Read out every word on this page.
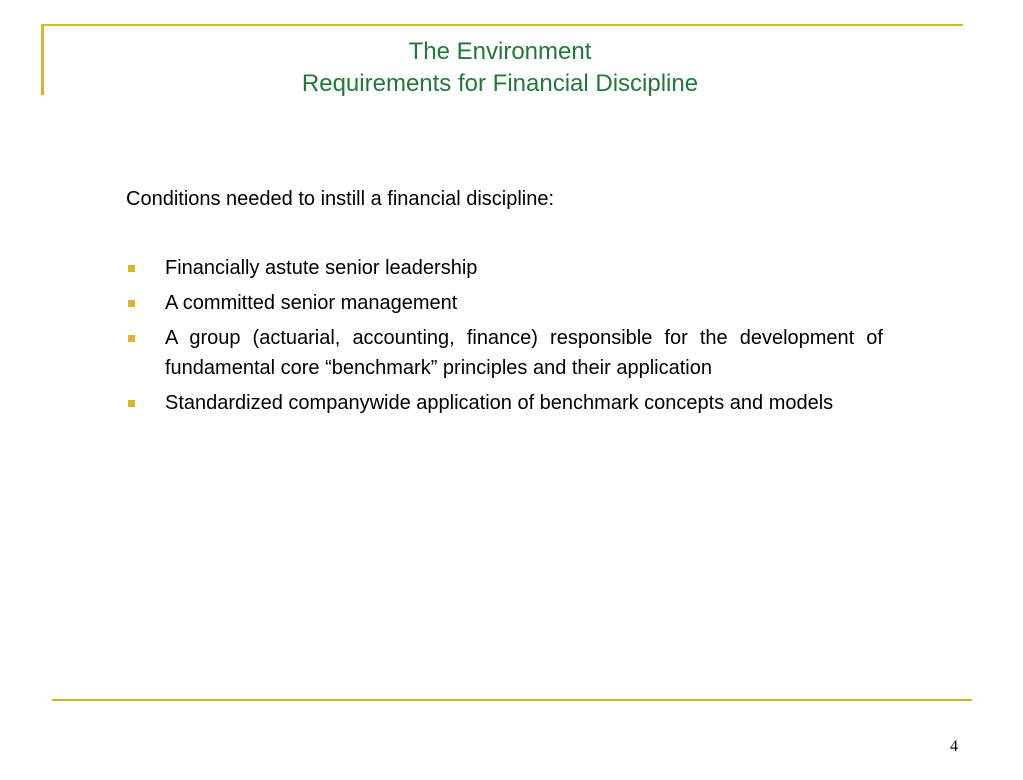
The Environment
Requirements for Financial Discipline

Conditions needed to instill a financial discipline:

Financially astute senior leadership
A committed senior management
A group (actuarial, accounting, finance) responsible for the development of fundamental core “benchmark” principles and their application
Standardized companywide application of benchmark concepts and models
4
